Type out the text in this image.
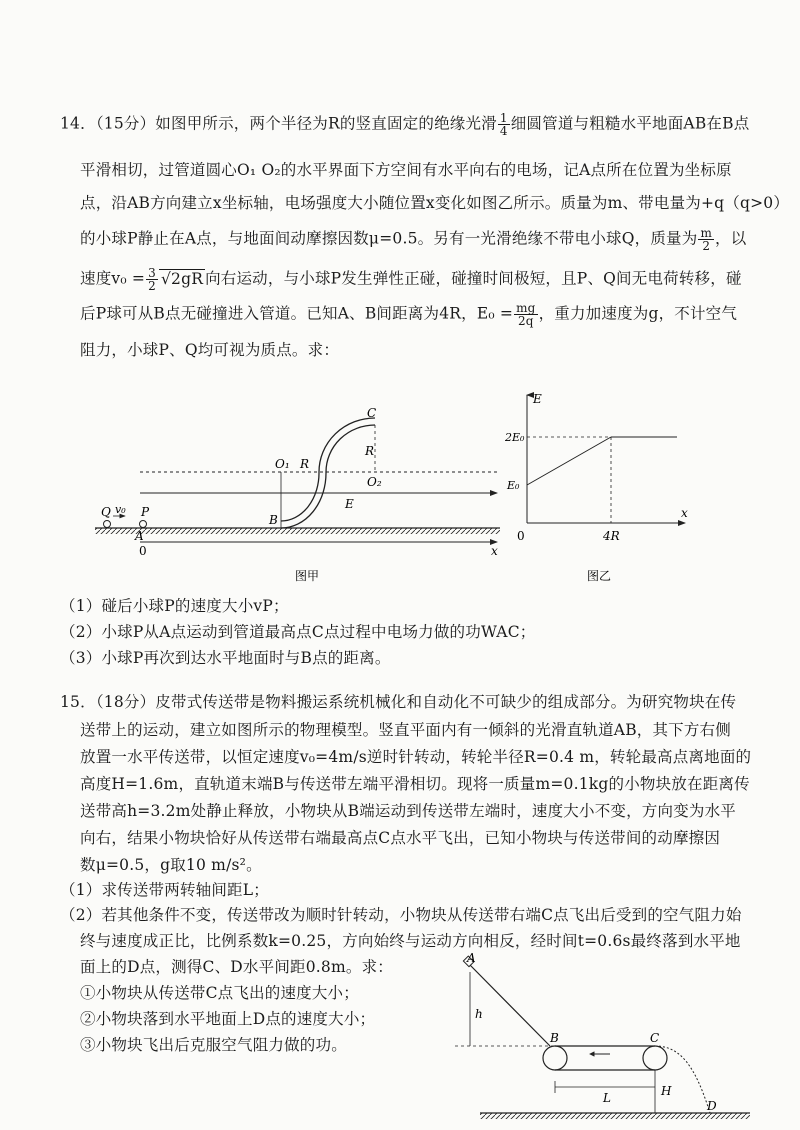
14．（15分）如图甲所示，两个半径为R的竖直固定的绝缘光滑 $\frac{1}{4}$ 细圆管道与粗糙水平地面AB在B点
平滑相切，过管道圆心O₁ O₂的水平界面下方空间有水平向右的电场，记A点所在位置为坐标原
点，沿AB方向建立x坐标轴，电场强度大小随位置x变化如图乙所示。质量为m、带电量为+q（q>0）
的小球P静止在A点，与地面间动摩擦因数μ=0.5。另有一光滑绝缘不带电小球Q，质量为 $\frac{m}{2}$ ，以
速度$v_0 = \frac{3}{2} √2gR$ 向右运动，与小球P发生弹性正碰，碰撞时间极短，且P、Q间无电荷转移，碰
后P球可从B点无碰撞进入管道。已知A、B间距离为4R，$E_0 = \frac{mg}{2q}$ ，重力加速度为g，不计空气
阻力，小球P、Q均可视为质点。求：
C
R
O₁ R
O₂
E
B
Q v₀ P
A
0	x
图甲
E
2E₀
E₀
0	4R
x
图乙
（1）碰后小球P的速度大小vP；
（2）小球P从A点运动到管道最高点C点过程中电场力做的功WAC；
（3）小球P再次到达水平地面时与B点的距离。
15．（18分）皮带式传送带是物料搬运系统机械化和自动化不可缺少的组成部分。为研究物块在传
送带上的运动，建立如图所示的物理模型。竖直平面内有一倾斜的光滑直轨道AB，其下方右侧
放置一水平传送带，以恒定速度v₀=4m/s逆时针转动，转轮半径R=0.4 m，转轮最高点离地面的
高度H=1.6m，直轨道末端B与传送带左端平滑相切。现将一质量m=0.1kg的小物块放在距离传
送带高h=3.2m处静止释放，小物块从B端运动到传送带左端时，速度大小不变，方向变为水平
向右，结果小物块恰好从传送带右端最高点C点水平飞出，已知小物块与传送带间的动摩擦因
数μ=0.5，g取10 m/s²。
（1）求传送带两转轴间距L；
（2）若其他条件不变，传送带改为顺时针转动，小物块从传送带右端C点飞出后受到的空气阻力始
终与速度成正比，比例系数k=0.25，方向始终与运动方向相反，经时间t=0.6s最终落到水平地
面上的D点，测得C、D水平间距0.8m。求：
①小物块从传送带C点飞出的速度大小；
②小物块落到水平地面上D点的速度大小；
③小物块飞出后克服空气阻力做的功。
A
h
B	C
L	H
D
